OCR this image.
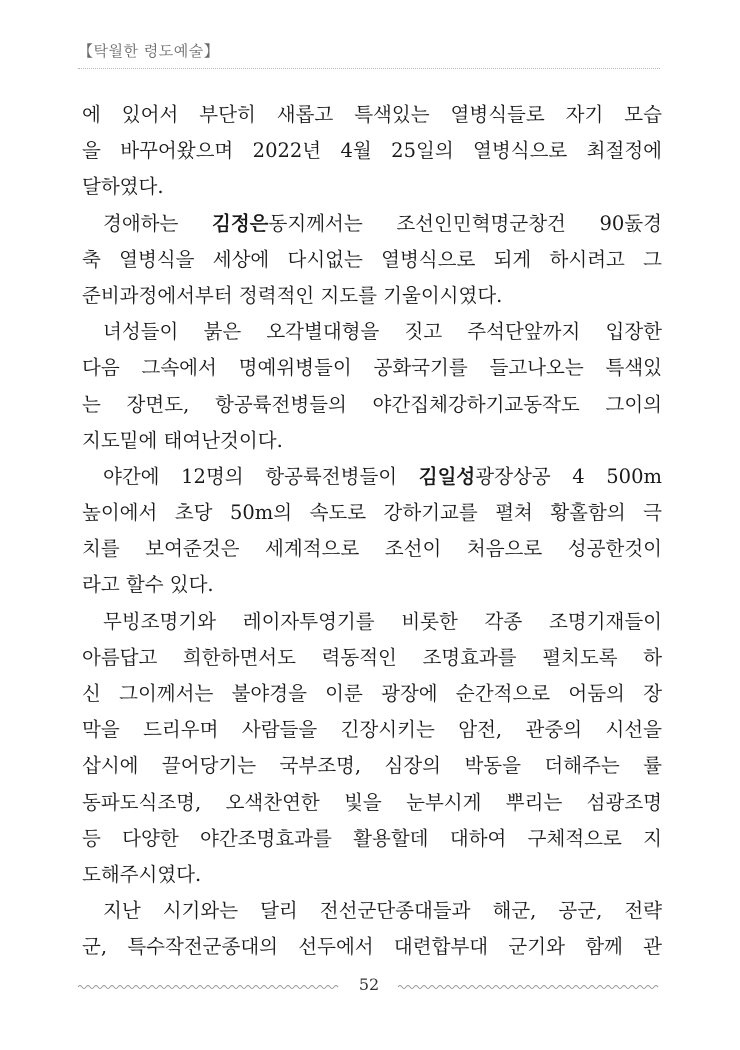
【탁월한 령도예술】
에 있어서 부단히 새롭고 특색있는 열병식들로 자기 모습
을 바꾸어왔으며 2022년 4월 25일의 열병식으로 최절정에
달하였다.
경애하는 김정은동지께서는 조선인민혁명군창건 90돐경
축 열병식을 세상에 다시없는 열병식으로 되게 하시려고 그
준비과정에서부터 정력적인 지도를 기울이시였다.
녀성들이 붉은 오각별대형을 짓고 주석단앞까지 입장한
다음 그속에서 명예위병들이 공화국기를 들고나오는 특색있
는 장면도, 항공륙전병들의 야간집체강하기교동작도 그이의
지도밑에 태여난것이다.
야간에 12명의 항공륙전병들이 김일성광장상공 4 500m
높이에서 초당 50m의 속도로 강하기교를 펼쳐 황홀함의 극
치를 보여준것은 세계적으로 조선이 처음으로 성공한것이
라고 할수 있다.
무빙조명기와 레이자투영기를 비롯한 각종 조명기재들이
아름답고 희한하면서도 력동적인 조명효과를 펼치도록 하
신 그이께서는 불야경을 이룬 광장에 순간적으로 어둠의 장
막을 드리우며 사람들을 긴장시키는 암전, 관중의 시선을
삽시에 끌어당기는 국부조명, 심장의 박동을 더해주는 률
동파도식조명, 오색찬연한 빛을 눈부시게 뿌리는 섬광조명
등 다양한 야간조명효과를 활용할데 대하여 구체적으로 지
도해주시였다.
지난 시기와는 달리 전선군단종대들과 해군, 공군, 전략
군, 특수작전군종대의 선두에서 대련합부대 군기와 함께 관
52
